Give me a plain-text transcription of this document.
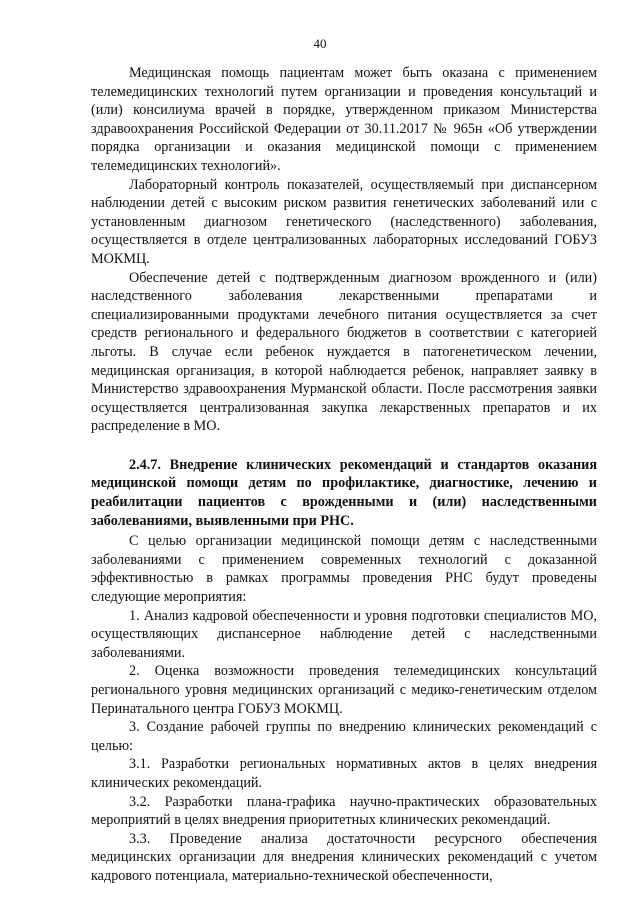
40

Медицинская помощь пациентам может быть оказана с применением телемедицинских технологий путем организации и проведения консультаций и (или) консилиума врачей в порядке, утвержденном приказом Министерства здравоохранения Российской Федерации от 30.11.2017 № 965н «Об утверждении порядка организации и оказания медицинской помощи с применением телемедицинских технологий».

Лабораторный контроль показателей, осуществляемый при диспансерном наблюдении детей с высоким риском развития генетических заболеваний или с установленным диагнозом генетического (наследственного) заболевания, осуществляется в отделе централизованных лабораторных исследований ГОБУЗ МОКМЦ.

Обеспечение детей с подтвержденным диагнозом врожденного и (или) наследственного заболевания лекарственными препаратами и специализированными продуктами лечебного питания осуществляется за счет средств регионального и федерального бюджетов в соответствии с категорией льготы. В случае если ребенок нуждается в патогенетическом лечении, медицинская организация, в которой наблюдается ребенок, направляет заявку в Министерство здравоохранения Мурманской области. После рассмотрения заявки осуществляется централизованная закупка лекарственных препаратов и их распределение в МО.

2.4.7. Внедрение клинических рекомендаций и стандартов оказания медицинской помощи детям по профилактике, диагностике, лечению и реабилитации пациентов с врожденными и (или) наследственными заболеваниями, выявленными при РНС.

С целью организации медицинской помощи детям с наследственными заболеваниями с применением современных технологий с доказанной эффективностью в рамках программы проведения РНС будут проведены следующие мероприятия:

1. Анализ кадровой обеспеченности и уровня подготовки специалистов МО, осуществляющих диспансерное наблюдение детей с наследственными заболеваниями.

2. Оценка возможности проведения телемедицинских консультаций регионального уровня медицинских организаций с медико-генетическим отделом Перинатального центра ГОБУЗ МОКМЦ.

3. Создание рабочей группы по внедрению клинических рекомендаций с целью:

3.1. Разработки региональных нормативных актов в целях внедрения клинических рекомендаций.

3.2. Разработки плана-графика научно-практических образовательных мероприятий в целях внедрения приоритетных клинических рекомендаций.

3.3. Проведение анализа достаточности ресурсного обеспечения медицинских организации для внедрения клинических рекомендаций с учетом кадрового потенциала, материально-технической обеспеченности,
